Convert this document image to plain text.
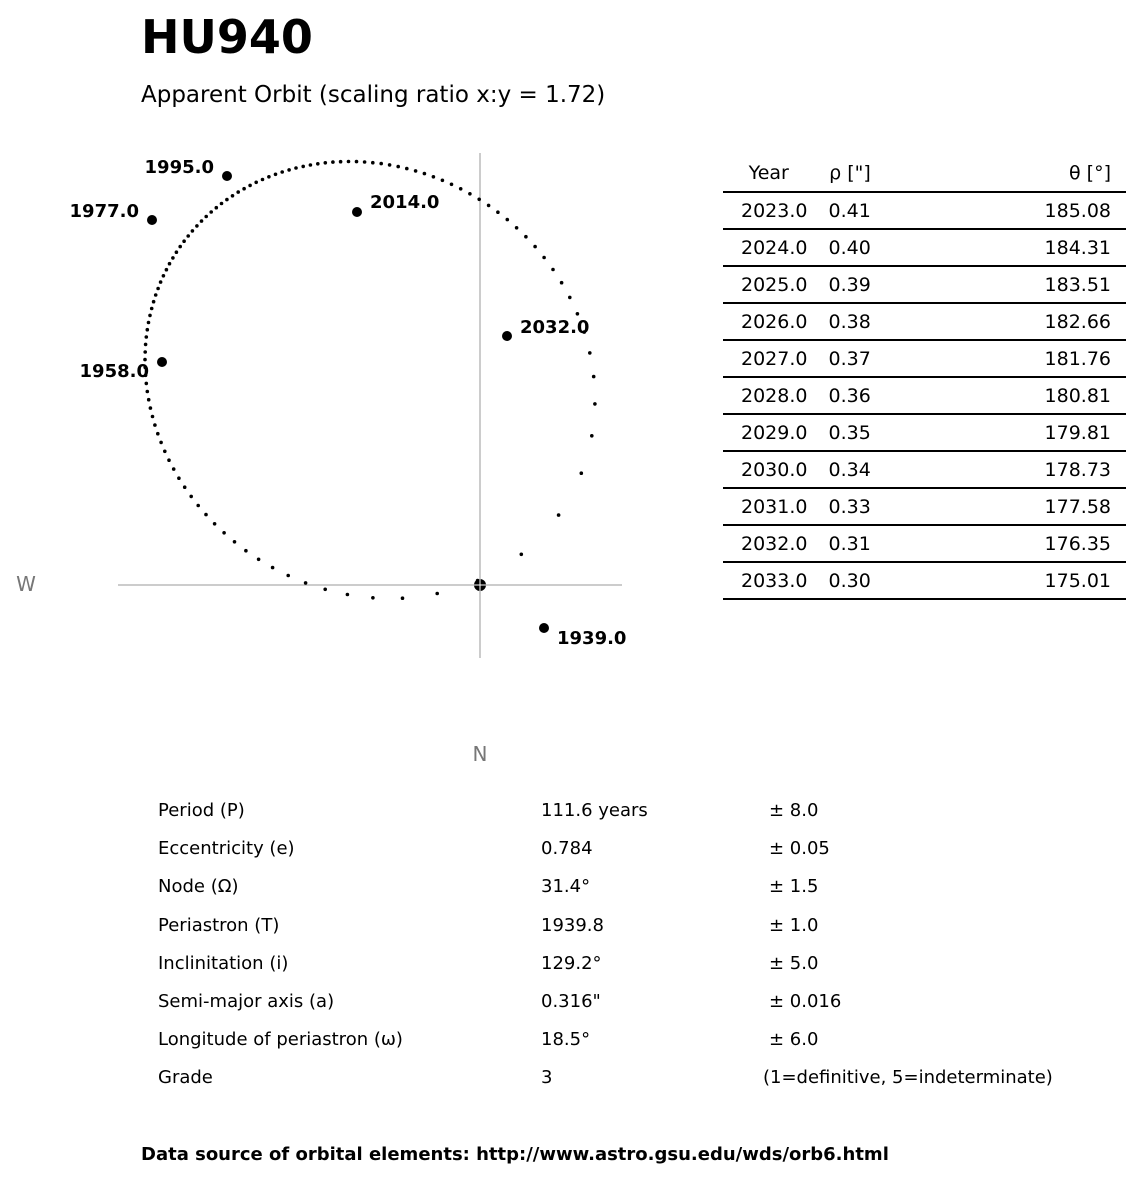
HU940
Apparent Orbit (scaling ratio x:y = 1.72)
W
N
1939.0
1958.0
1977.0
1995.0
2014.0
2032.0
Year	ρ ["]	θ [°]
2023.0	0.41	185.08
2024.0	0.40	184.31
2025.0	0.39	183.51
2026.0	0.38	182.66
2027.0	0.37	181.76
2028.0	0.36	180.81
2029.0	0.35	179.81
2030.0	0.34	178.73
2031.0	0.33	177.58
2032.0	0.31	176.35
2033.0	0.30	175.01
Period (P)	111.6 years	± 8.0
Eccentricity (e)	0.784	± 0.05
Node (Ω)	31.4°	± 1.5
Periastron (T)	1939.8	± 1.0
Inclinitation (i)	129.2°	± 5.0
Semi-major axis (a)	0.316"	± 0.016
Longitude of periastron (ω)	18.5°	± 6.0
Grade	3	(1=definitive, 5=indeterminate)
Data source of orbital elements: http://www.astro.gsu.edu/wds/orb6.html
